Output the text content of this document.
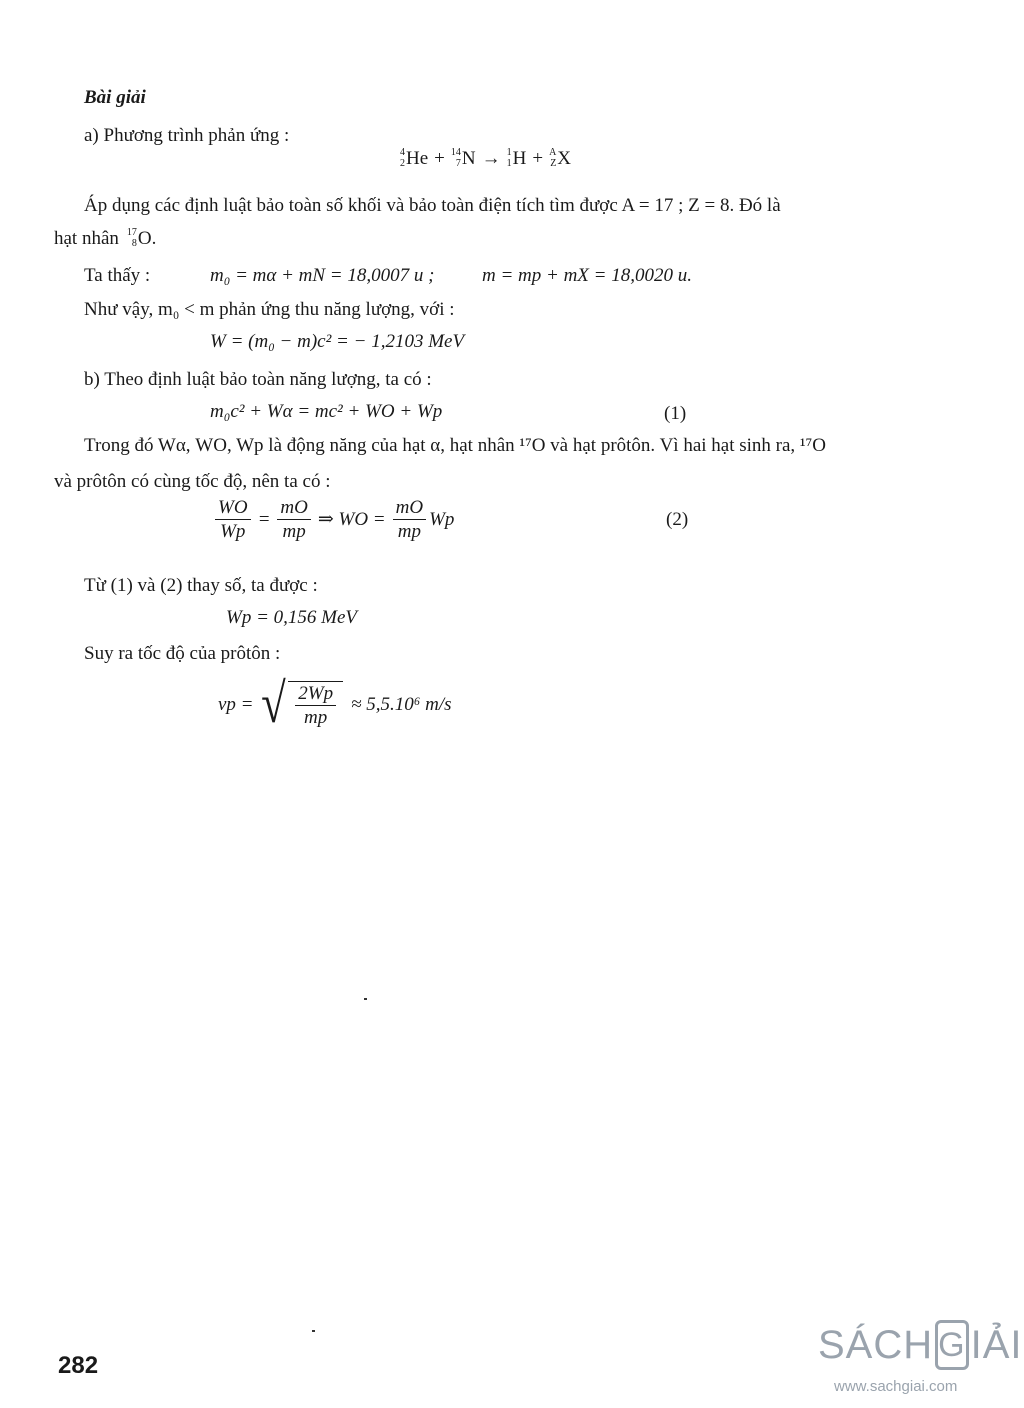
Bài giải
a) Phương trình phản ứng :
4
2 He + 14
7 N → 1
1 H + A
Z X
Áp dụng các định luật bảo toàn số khối và bảo toàn điện tích tìm được A = 17 ; Z = 8. Đó là
hạt nhân 17
8 O.
Ta thấy :	m₀ = mα + mN = 18,0007 u ;	m = mp + mX = 18,0020 u.
Như vậy, m₀ < m phản ứng thu năng lượng, với :
W = (m₀ − m)c² = − 1,2103 MeV
b) Theo định luật bảo toàn năng lượng, ta có :
m₀c² + Wα = mc² + WO + Wp	(1)
Trong đó Wα, WO, Wp là động năng của hạt α, hạt nhân ¹⁷O và hạt prôtôn. Vì hai hạt sinh ra, ¹⁷O
và prôtôn có cùng tốc độ, nên ta có :
$\frac{WO}{Wp} = \frac{mO}{mp}$ ⇒ WO = $\frac{mO}{mp}$ Wp	(2)
Từ (1) và (2) thay số, ta được :
Wp = 0,156 MeV
Suy ra tốc độ của prôtôn :
vp = √ $\frac{2Wp}{mp} \approx 5,5.10^6$ m/s
282	SÁCH G IẢI
www.sachgiai.com
